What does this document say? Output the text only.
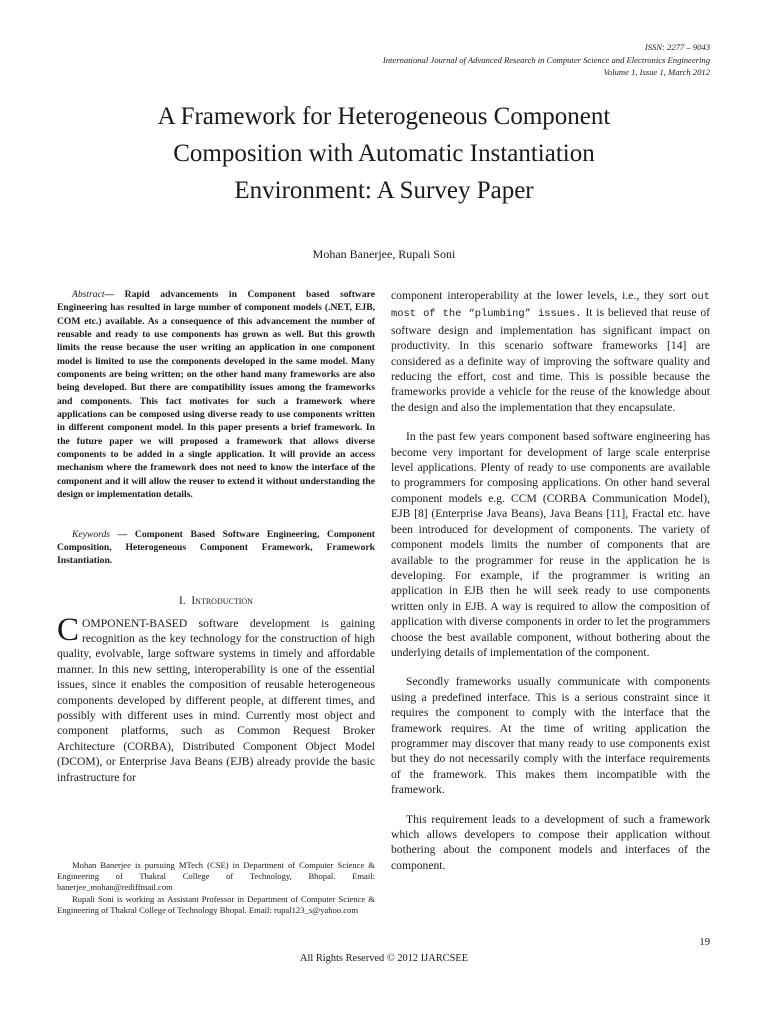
ISSN: 2277 – 9043
International Journal of Advanced Research in Computer Science and Electronics Engineering
Volume 1, Issue 1, March 2012
A Framework for Heterogeneous Component
Composition with Automatic Instantiation
Environment: A Survey Paper
Mohan Banerjee, Rupali Soni

Abstract— Rapid advancements in Component based software Engineering has resulted in large number of component models (.NET, EJB, COM etc.) available. As a consequence of this advancement the number of reusable and ready to use components has grown as well. But this growth limits the reuse because the user writing an application in one component model is limited to use the components developed in the same model. Many components are being written; on the other hand many frameworks are also being developed. But there are compatibility issues among the frameworks and components. This fact motivates for such a framework where applications can be composed using diverse ready to use components written in different component model. In this paper presents a brief framework. In the future paper we will proposed a framework that allows diverse components to be added in a single application. It will provide an access mechanism where the framework does not need to know the interface of the component and it will allow the reuser to extend it without understanding the design or implementation details.

Keywords — Component Based Software Engineering, Component Composition, Heterogeneous Component Framework, Framework Instantiation.

I. Introduction

COMPONENT-BASED software development is gaining recognition as the key technology for the construction of high quality, evolvable, large software systems in timely and affordable manner. In this new setting, interoperability is one of the essential issues, since it enables the composition of reusable heterogeneous components developed by different people, at different times, and possibly with different uses in mind. Currently most object and component platforms, such as Common Request Broker Architecture (CORBA), Distributed Component Object Model (DCOM), or Enterprise Java Beans (EJB) already provide the basic infrastructure for

component interoperability at the lower levels, i.e., they sort out most of the “plumbing” issues. It is believed that reuse of software design and implementation has significant impact on productivity. In this scenario software frameworks [14] are considered as a definite way of improving the software quality and reducing the effort, cost and time. This is possible because the frameworks provide a vehicle for the reuse of the knowledge about the design and also the implementation that they encapsulate.

In the past few years component based software engineering has become very important for development of large scale enterprise level applications. Plenty of ready to use components are available to programmers for composing applications. On other hand several component models e.g. CCM (CORBA Communication Model), EJB [8] (Enterprise Java Beans), Java Beans [11], Fractal etc. have been introduced for development of components. The variety of component models limits the number of components that are available to the programmer for reuse in the application he is developing. For example, if the programmer is writing an application in EJB then he will seek ready to use components written only in EJB. A way is required to allow the composition of application with diverse components in order to let the programmers choose the best available component, without bothering about the underlying details of implementation of the component.

Secondly frameworks usually communicate with components using a predefined interface. This is a serious constraint since it requires the component to comply with the interface that the framework requires. At the time of writing application the programmer may discover that many ready to use components exist but they do not necessarily comply with the interface requirements of the framework. This makes them incompatible with the framework.

This requirement leads to a development of such a framework which allows developers to compose their application without bothering about the component models and interfaces of the component.

Mohan Banerjee is pursuing MTech (CSE) in Department of Computer Science & Engineering of Thakral College of Technology, Bhopal. Email: banerjee_mohan@rediffmail.com

Rupali Soni is working as Assistant Professor in Department of Computer Science & Engineering of Thakral College of Technology Bhopal. Email: rupal123_s@yahoo.com

19
All Rights Reserved © 2012 IJARCSEE
